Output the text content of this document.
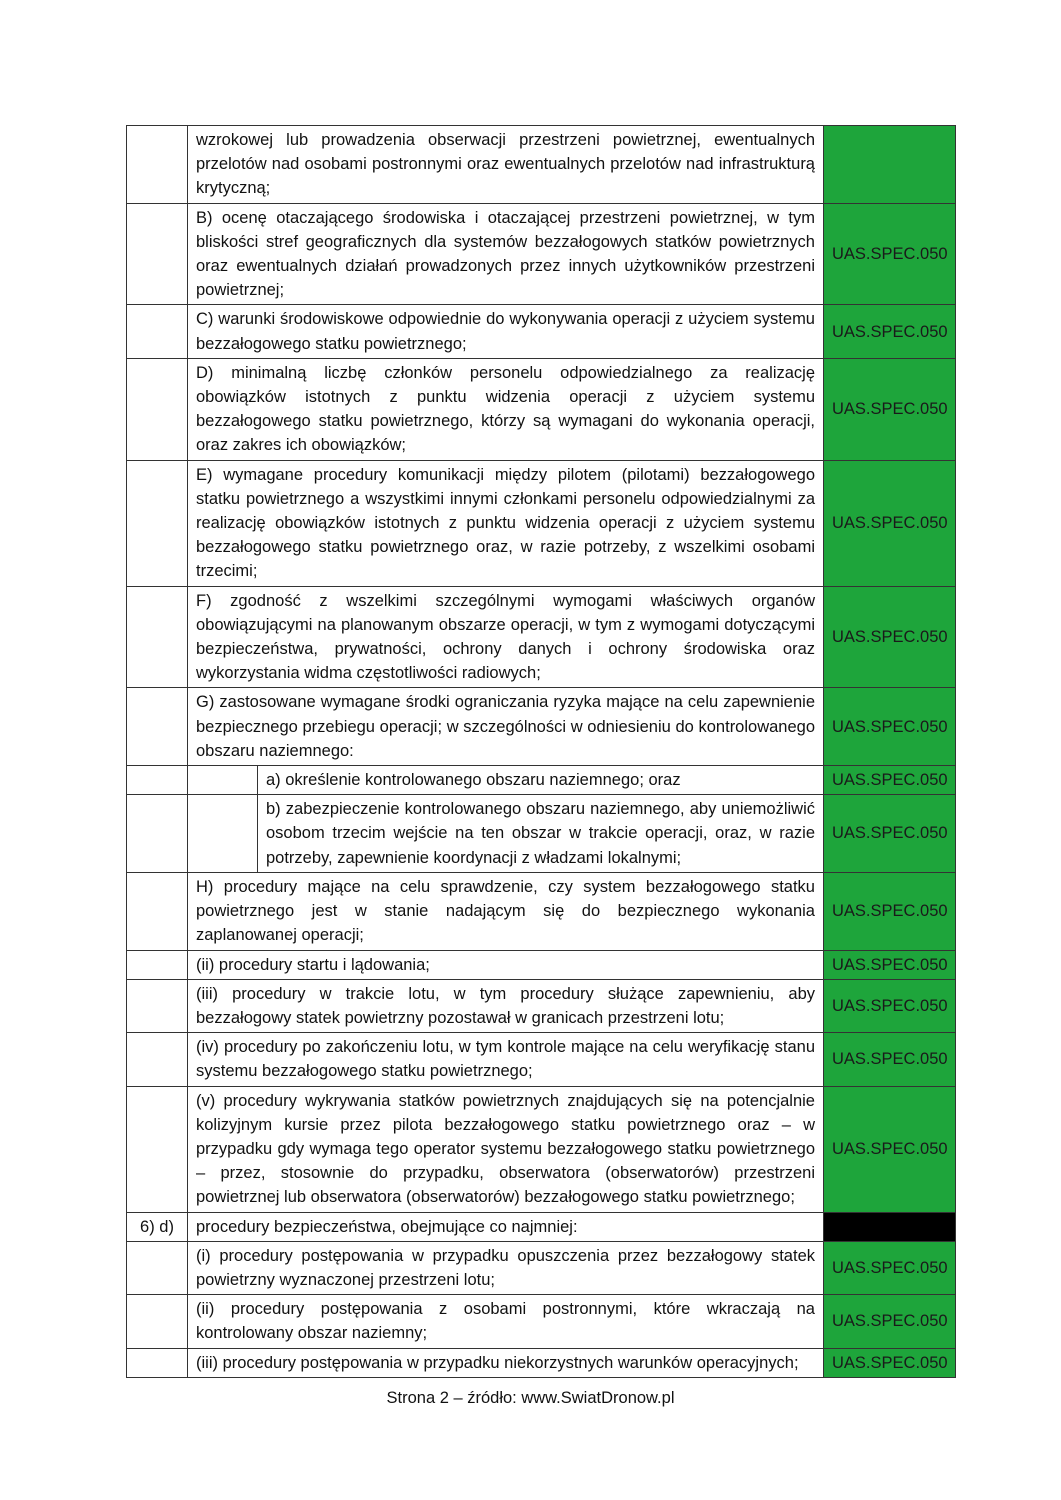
	wzrokowej lub prowadzenia obserwacji przestrzeni powietrznej, ewentualnych przelotów nad osobami postronnymi oraz ewentualnych przelotów nad infrastrukturą krytyczną;		
	B) ocenę otaczającego środowiska i otaczającej przestrzeni powietrznej, w tym bliskości stref geograficznych dla systemów bezzałogowych statków powietrznych oraz ewentualnych działań prowadzonych przez innych użytkowników przestrzeni powietrznej;		UAS.SPEC.050
	C) warunki środowiskowe odpowiednie do wykonywania operacji z użyciem systemu bezzałogowego statku powietrznego;		UAS.SPEC.050
	D) minimalną liczbę członków personelu odpowiedzialnego za realizację obowiązków istotnych z punktu widzenia operacji z użyciem systemu bezzałogowego statku powietrznego, którzy są wymagani do wykonania operacji, oraz zakres ich obowiązków;		UAS.SPEC.050
	E) wymagane procedury komunikacji między pilotem (pilotami) bezzałogowego statku powietrznego a wszystkimi innymi członkami personelu odpowiedzialnymi za realizację obowiązków istotnych z punktu widzenia operacji z użyciem systemu bezzałogowego statku powietrznego oraz, w razie potrzeby, z wszelkimi osobami trzecimi;		UAS.SPEC.050
	F) zgodność z wszelkimi szczególnymi wymogami właściwych organów obowiązującymi na planowanym obszarze operacji, w tym z wymogami dotyczącymi bezpieczeństwa, prywatności, ochrony danych i ochrony środowiska oraz wykorzystania widma częstotliwości radiowych;		UAS.SPEC.050
	G) zastosowane wymagane środki ograniczania ryzyka mające na celu zapewnienie bezpiecznego przebiegu operacji; w szczególności w odniesieniu do kontrolowanego obszaru naziemnego:		UAS.SPEC.050
		a) określenie kontrolowanego obszaru naziemnego; oraz	UAS.SPEC.050
		b) zabezpieczenie kontrolowanego obszaru naziemnego, aby uniemożliwić osobom trzecim wejście na ten obszar w trakcie operacji, oraz, w razie potrzeby, zapewnienie koordynacji z władzami lokalnymi;	UAS.SPEC.050
	H) procedury mające na celu sprawdzenie, czy system bezzałogowego statku powietrznego jest w stanie nadającym się do bezpiecznego wykonania zaplanowanej operacji;		UAS.SPEC.050
	(ii) procedury startu i lądowania;		UAS.SPEC.050
	(iii) procedury w trakcie lotu, w tym procedury służące zapewnieniu, aby bezzałogowy statek powietrzny pozostawał w granicach przestrzeni lotu;		UAS.SPEC.050
	(iv) procedury po zakończeniu lotu, w tym kontrole mające na celu weryfikację stanu systemu bezzałogowego statku powietrznego;		UAS.SPEC.050
	(v) procedury wykrywania statków powietrznych znajdujących się na potencjalnie kolizyjnym kursie przez pilota bezzałogowego statku powietrznego oraz – w przypadku gdy wymaga tego operator systemu bezzałogowego statku powietrznego – przez, stosownie do przypadku, obserwatora (obserwatorów) przestrzeni powietrznej lub obserwatora (obserwatorów) bezzałogowego statku powietrznego;		UAS.SPEC.050
6) d)	procedury bezpieczeństwa, obejmujące co najmniej:		
	(i) procedury postępowania w przypadku opuszczenia przez bezzałogowy statek powietrzny wyznaczonej przestrzeni lotu;		UAS.SPEC.050
	(ii) procedury postępowania z osobami postronnymi, które wkraczają na kontrolowany obszar naziemny;		UAS.SPEC.050
	(iii) procedury postępowania w przypadku niekorzystnych warunków operacyjnych;		UAS.SPEC.050
Strona 2 – źródło: www.SwiatDronow.pl
